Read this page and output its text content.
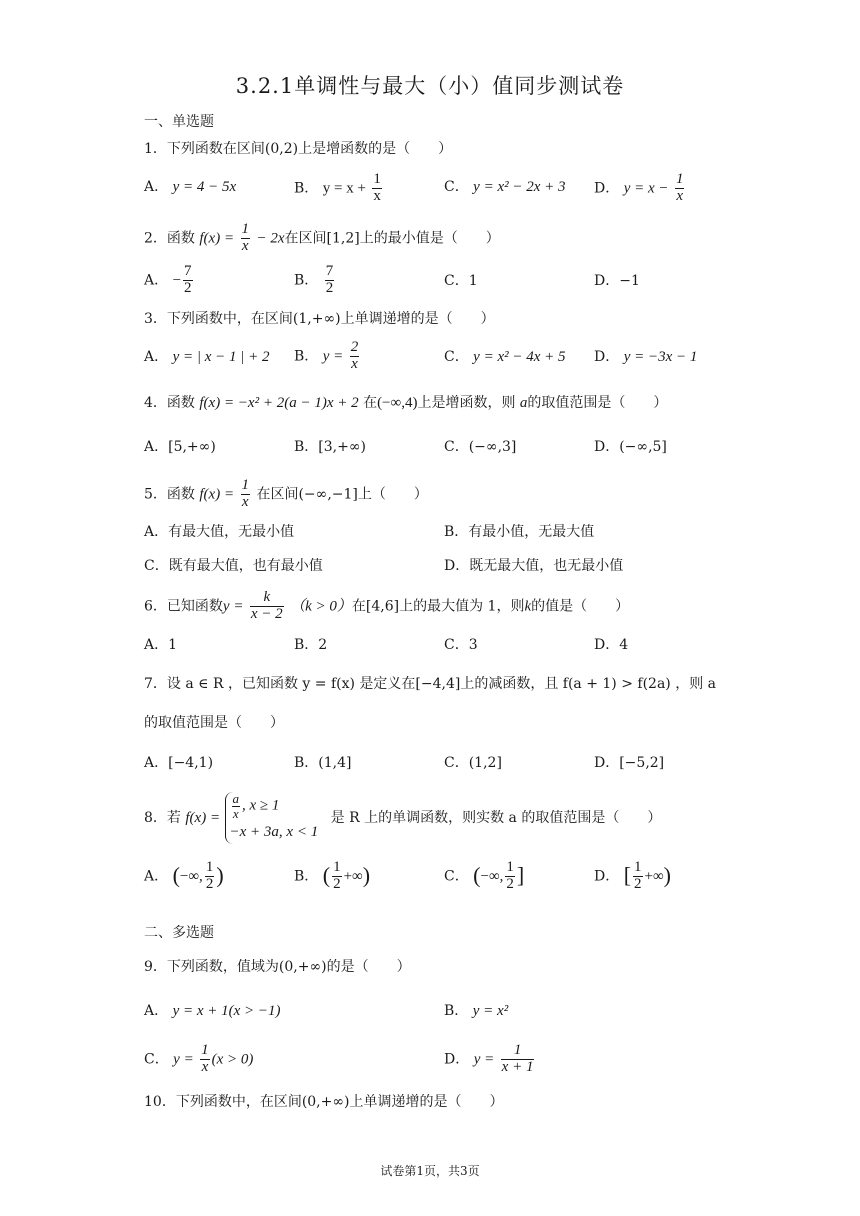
3.2.1单调性与最大（小）值同步测试卷
一、单选题
1．下列函数在区间(0,2)上是增函数的是（　　）
A． y = 4 − 5x	B． $y = x + \frac{1}{x}$	C． y = x² − 2x + 3 D． $y = x - \frac{1}{x}$
2．函数 $f(x) = \frac{1}{x} - 2x$在区间[1,2]上的最小值是（　　）
A． − $\frac{7}{2}$	B． $\frac{7}{2}$	C．1	D．−1
3．下列函数中，在区间(1,+∞)上单调递增的是（　　）
A． y = | x − 1 | + 2 B． $y = \frac{2}{x}$	C． y = x² − 4x + 5 D． y = −3x − 1
4．函数 f(x) = −x² + 2(a − 1)x + 2 在(−∞,4)上是增函数，则 a的取值范围是（　　）
A．[5,+∞)	B．[3,+∞)	C．(−∞,3]	D．(−∞,5]
5．函数 $f(x) = \frac{1}{x}$ 在区间(−∞,−1]上（　　）
A．有最大值，无最小值	B．有最小值，无最大值
C．既有最大值，也有最小值	D．既无最大值，也无最小值
6．已知函数$y = \frac{k}{x - 2} (k > 0)$在[4,6]上的最大值为 1，则k的值是（　　）
A．1	B．2	C．3	D．4
7．设 a ∈ R ，已知函数 y = f(x) 是定义在[−4,4]上的减函数，且 f(a + 1) > f(2a) ，则 a
的取值范围是（　　）
A．[−4,1)	B．(1,4]	C．(1,2]	D．[−5,2]
8．若 $f(x) = \frac{a}{x}$ , x ≥ 1
−x + 3a, x < 1
是 R 上的单调函数，则实数 a 的取值范围是（　　）
A． (−∞, $\frac{1}{2}$ )	B． ( $\frac{1}{2}$ +∞)	C． (−∞, $\frac{1}{2}$ ]	D． [ $\frac{1}{2}$ +∞)
二、多选题
9．下列函数，值域为(0,+∞)的是（　　）
A． y = x + 1(x > −1)	B． y = x²
C． $y = \frac{1}{x} (x > 0)$	D． $y = \frac{1}{x + 1}$
10．下列函数中，在区间(0,+∞)上单调递增的是（　　）
试卷第1页，共3页
